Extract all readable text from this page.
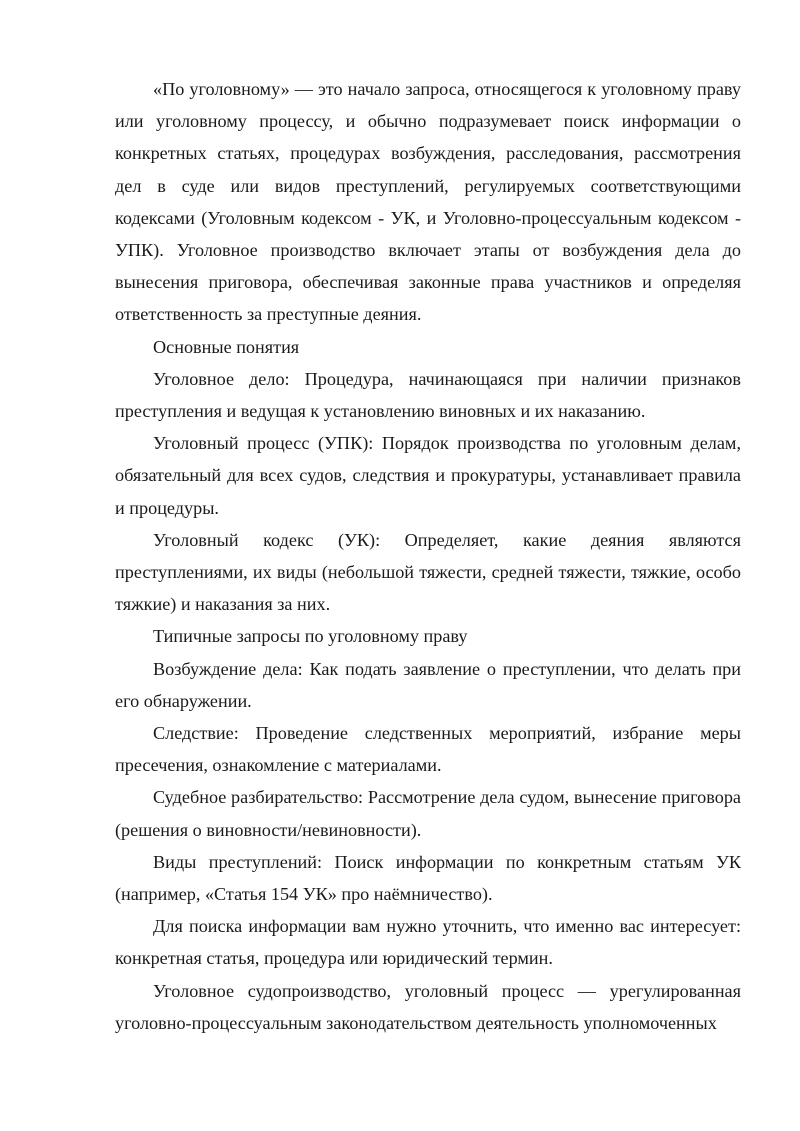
«По уголовному» — это начало запроса, относящегося к уголовному праву или уголовному процессу, и обычно подразумевает поиск информации о конкретных статьях, процедурах возбуждения, расследования, рассмотрения дел в суде или видов преступлений, регулируемых соответствующими кодексами (Уголовным кодексом - УК, и Уголовно-процессуальным кодексом - УПК). Уголовное производство включает этапы от возбуждения дела до вынесения приговора, обеспечивая законные права участников и определяя ответственность за преступные деяния.

Основные понятия

Уголовное дело: Процедура, начинающаяся при наличии признаков преступления и ведущая к установлению виновных и их наказанию.

Уголовный процесс (УПК): Порядок производства по уголовным делам, обязательный для всех судов, следствия и прокуратуры, устанавливает правила и процедуры.

Уголовный кодекс (УК): Определяет, какие деяния являются преступлениями, их виды (небольшой тяжести, средней тяжести, тяжкие, особо тяжкие) и наказания за них.

Типичные запросы по уголовному праву

Возбуждение дела: Как подать заявление о преступлении, что делать при его обнаружении.

Следствие: Проведение следственных мероприятий, избрание меры пресечения, ознакомление с материалами.

Судебное разбирательство: Рассмотрение дела судом, вынесение приговора (решения о виновности/невиновности).

Виды преступлений: Поиск информации по конкретным статьям УК (например, «Статья 154 УК» про наёмничество).

Для поиска информации вам нужно уточнить, что именно вас интересует: конкретная статья, процедура или юридический термин.

Уголовное судопроизводство, уголовный процесс — урегулированная уголовно-процессуальным законодательством деятельность уполномоченных
